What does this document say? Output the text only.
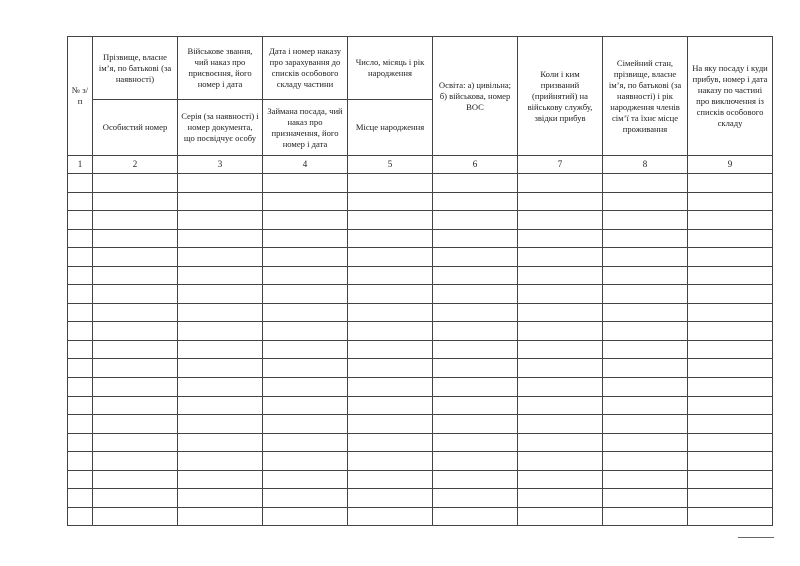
№ з/п	Прізвище, власне ім’я, по батькові (за наявності)	Військове звання, чий наказ про присвоєння, його номер і дата	Дата і номер наказу про зарахування до списків особового складу частини	Число, місяць і рік народження	Освіта: а) цивільна; б) військова, номер ВОС	Коли і ким призваний (прийнятий) на військову службу, звідки прибув	Сімейний стан, прізвище, власне ім’я, по батькові (за наявності) і рік народження членів сім’ї та їхнє місце проживання	На яку посаду і куди прибув, номер і дата наказу по частині про виключення із списків особового складу
	Особистий номер	Серія (за наявності) і номер документа, що посвідчує особу	Займана посада, чий наказ про призначення, його номер і дата	Місце народження				
1	2	3	4	5	6	7	8	9
